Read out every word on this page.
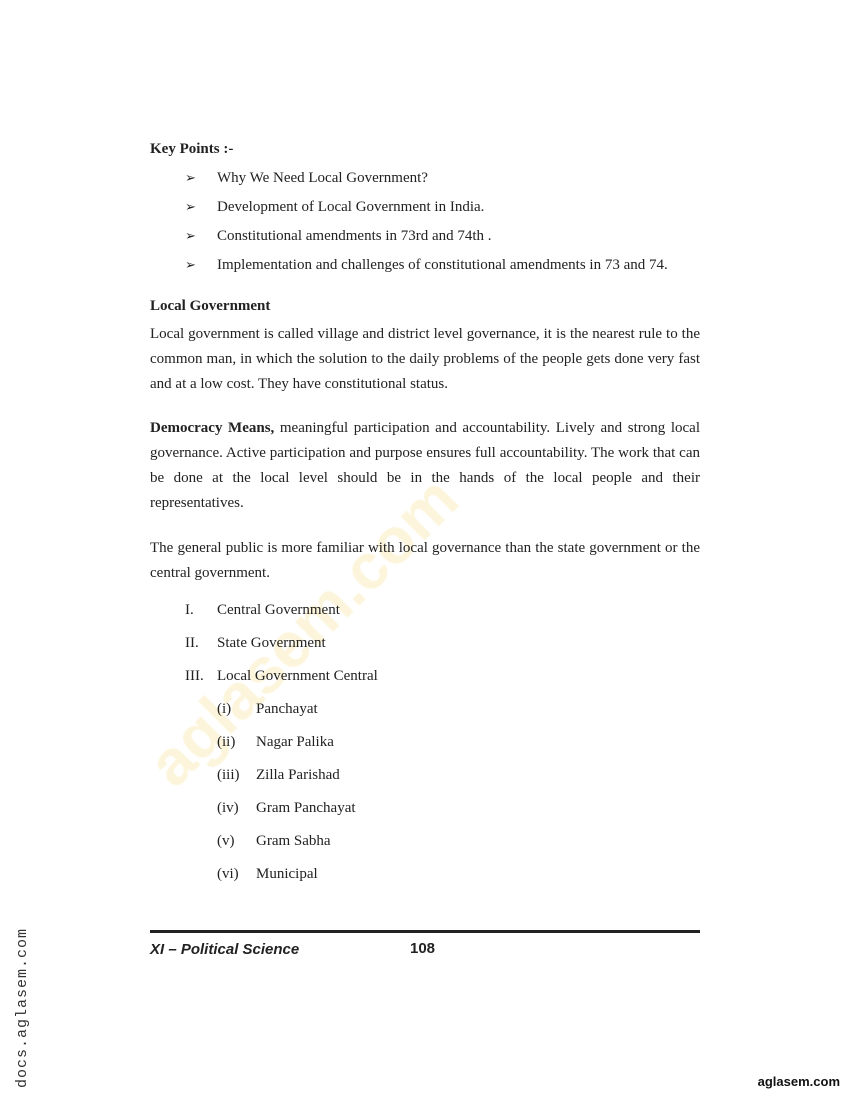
Key Points :-
➢ Why We Need Local Government?
➢ Development of Local Government in India.
➢ Constitutional amendments in 73rd and 74th .
➢ Implementation and challenges of constitutional amendments in 73 and 74.
Local Government

Local government is called village and district level governance, it is the nearest rule to the common man, in which the solution to the daily problems of the people gets done very fast and at a low cost. They have constitutional status.

Democracy Means, meaningful participation and accountability. Lively and strong local governance. Active participation and purpose ensures full accountability. The work that can be done at the local level should be in the hands of the local people and their representatives.

The general public is more familiar with local governance than the state government or the central government.

I. Central Government
II. State Government
III. Local Government Central
(i) Panchayat
(ii) Nagar Palika
(iii) Zilla Parishad
(iv) Gram Panchayat
(v) Gram Sabha
(vi) Municipal
XI – Political Science	108
docs.aglasem.com	aglasem.com
